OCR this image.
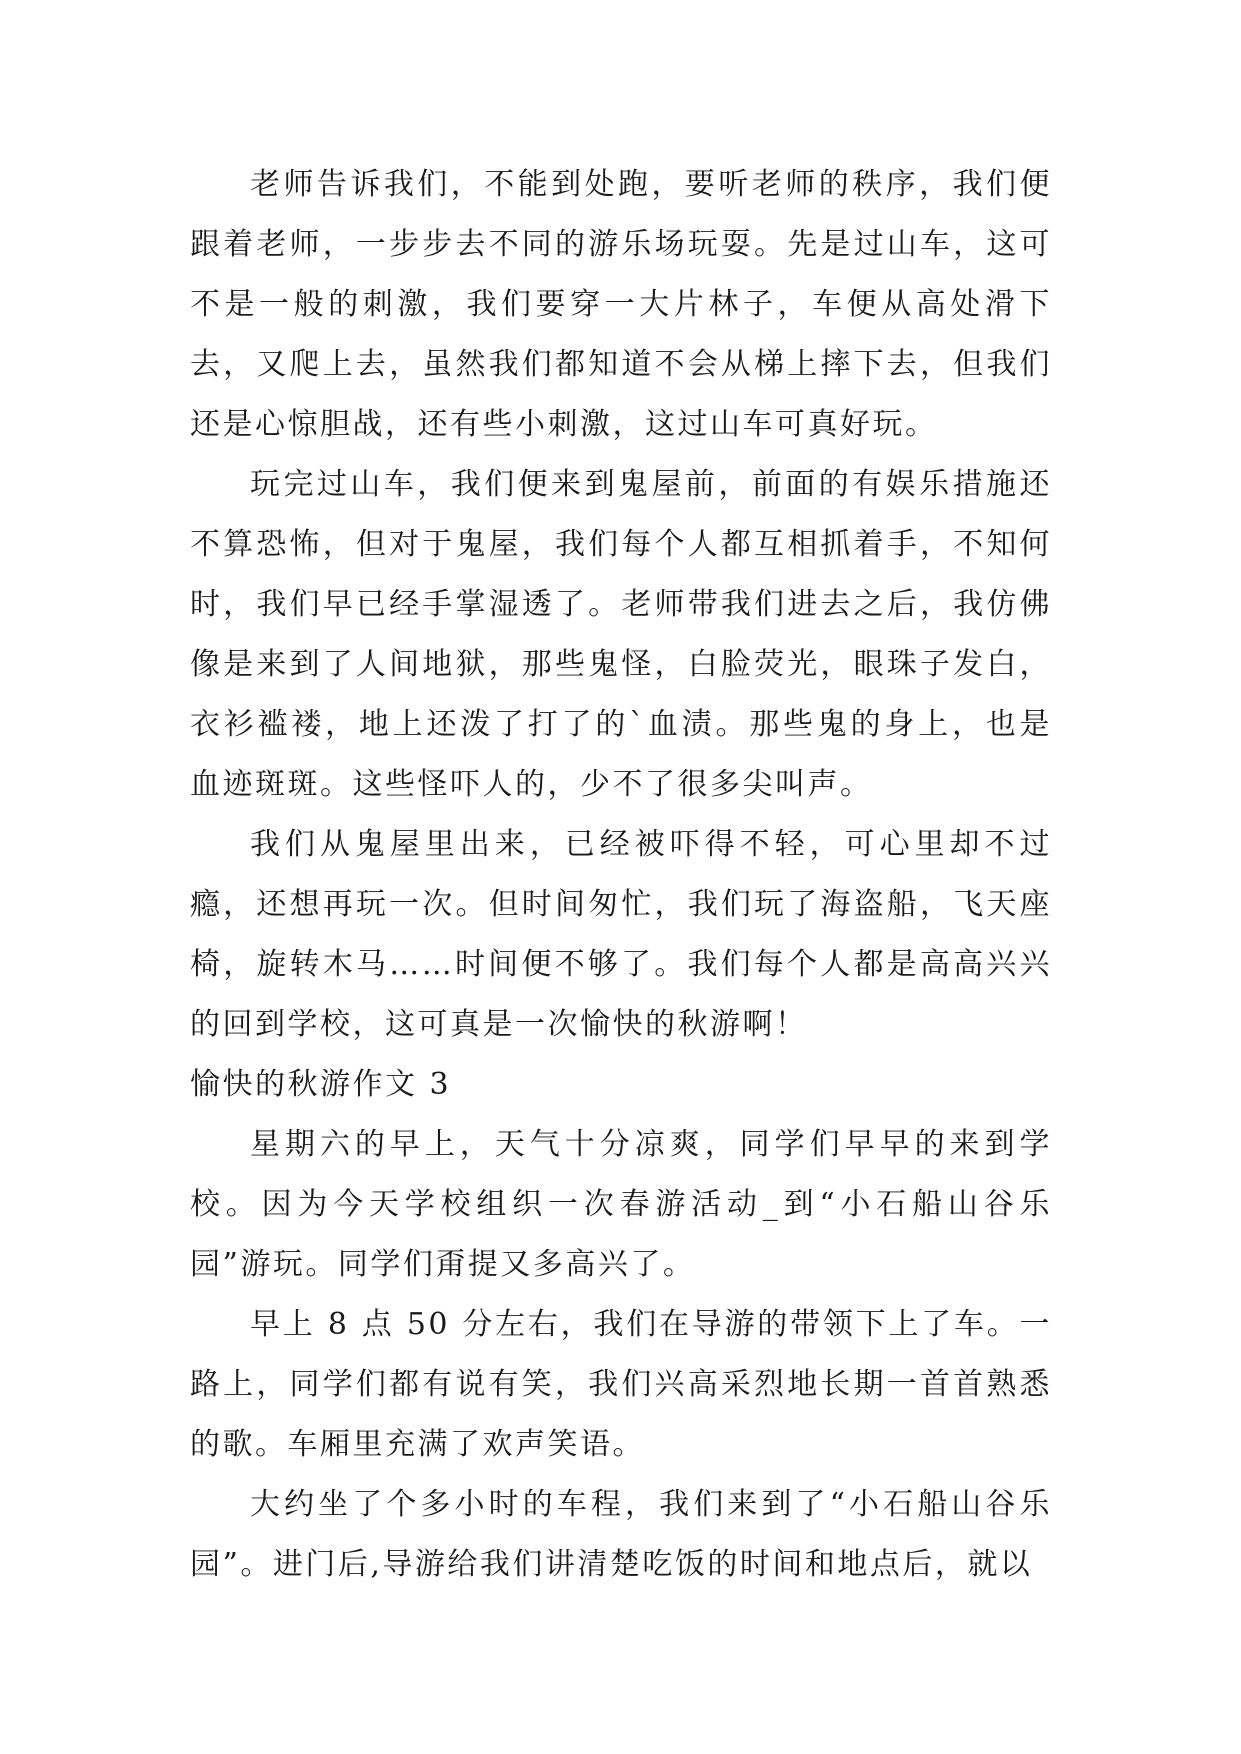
老师告诉我们，不能到处跑，要听老师的秩序，我们便跟着老师，一步步去不同的游乐场玩耍。先是过山车，这可不是一般的刺激，我们要穿一大片林子，车便从高处滑下去，又爬上去，虽然我们都知道不会从梯上摔下去，但我们还是心惊胆战，还有些小刺激，这过山车可真好玩。

玩完过山车，我们便来到鬼屋前，前面的有娱乐措施还不算恐怖，但对于鬼屋，我们每个人都互相抓着手，不知何时，我们早已经手掌湿透了。老师带我们进去之后，我仿佛像是来到了人间地狱，那些鬼怪，白脸荧光，眼珠子发白，衣衫褴褛，地上还泼了打了的`血渍。那些鬼的身上，也是血迹斑斑。这些怪吓人的，少不了很多尖叫声。

我们从鬼屋里出来，已经被吓得不轻，可心里却不过瘾，还想再玩一次。但时间匆忙，我们玩了海盗船，飞天座椅，旋转木马……时间便不够了。我们每个人都是高高兴兴的回到学校，这可真是一次愉快的秋游啊！

愉快的秋游作文 3

星期六的早上，天气十分凉爽，同学们早早的来到学校。因为今天学校组织一次春游活动_到“小石船山谷乐园”游玩。同学们甭提又多高兴了。

早上 8 点 50 分左右，我们在导游的带领下上了车。一路上，同学们都有说有笑，我们兴高采烈地长期一首首熟悉的歌。车厢里充满了欢声笑语。

大约坐了个多小时的车程，我们来到了“小石船山谷乐园”。进门后,导游给我们讲清楚吃饭的时间和地点后，就以
